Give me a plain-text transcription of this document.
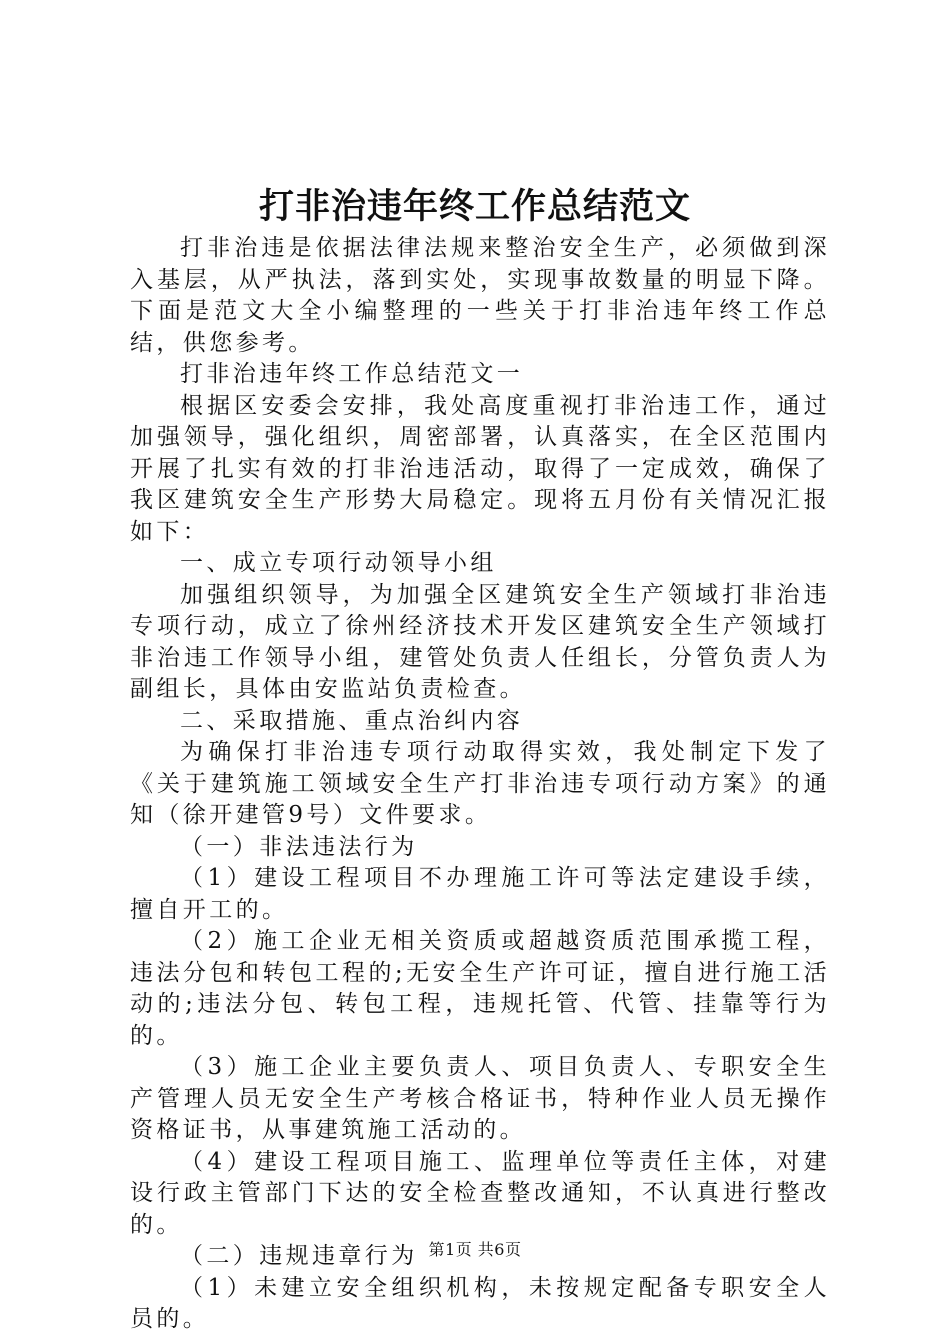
打非治违年终工作总结范文

打非治违是依据法律法规来整治安全生产，必须做到深入基层，从严执法，落到实处，实现事故数量的明显下降。下面是范文大全小编整理的一些关于打非治违年终工作总结，供您参考。

打非治违年终工作总结范文一

根据区安委会安排，我处高度重视打非治违工作，通过加强领导，强化组织，周密部署，认真落实，在全区范围内开展了扎实有效的打非治违活动，取得了一定成效，确保了我区建筑安全生产形势大局稳定。现将五月份有关情况汇报如下：

一、成立专项行动领导小组

加强组织领导，为加强全区建筑安全生产领域打非治违专项行动，成立了徐州经济技术开发区建筑安全生产领域打非治违工作领导小组，建管处负责人任组长，分管负责人为副组长，具体由安监站负责检查。

二、采取措施、重点治纠内容

为确保打非治违专项行动取得实效，我处制定下发了《关于建筑施工领域安全生产打非治违专项行动方案》的通知（徐开建管9号）文件要求。

（一）非法违法行为

（1）建设工程项目不办理施工许可等法定建设手续，擅自开工的。

（2）施工企业无相关资质或超越资质范围承揽工程，违法分包和转包工程的;无安全生产许可证，擅自进行施工活动的;违法分包、转包工程，违规托管、代管、挂靠等行为的。

（3）施工企业主要负责人、项目负责人、专职安全生产管理人员无安全生产考核合格证书，特种作业人员无操作资格证书，从事建筑施工活动的。

（4）建设工程项目施工、监理单位等责任主体，对建设行政主管部门下达的安全检查整改通知，不认真进行整改的。

（二）违规违章行为

（1）未建立安全组织机构，未按规定配备专职安全人员的。

第1页 共6页
